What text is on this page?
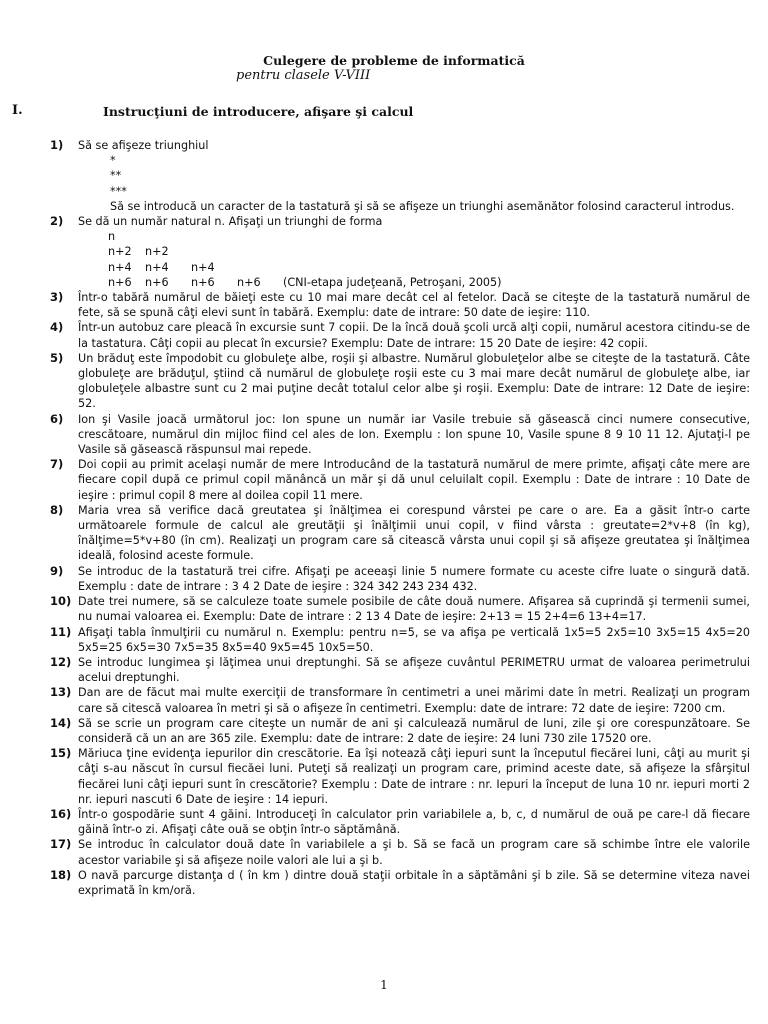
Culegere de probleme de informatică
pentru clasele V-VIII
I.	Instrucţiuni de introducere, afişare şi calcul
1)	Să se afişeze triunghiul
*
**
***
Să se introducă un caracter de la tastatură şi să se afişeze un triunghi asemănător folosind caracterul introdus.
2)	Se dă un număr natural n. Afişaţi un triunghi de forma
n
n+2 n+2
n+4 n+4 n+4
n+6 n+6 n+6 n+6 (CNI-etapa judeţeană, Petroşani, 2005)
3)	Într-o tabără numărul de băieţi este cu 10 mai mare decât cel al fetelor. Dacă se citeşte de la tastatură numărul de fete, să se spună câţi elevi sunt în tabără. Exemplu: date de intrare: 50 date de ieşire: 110.
4)	Într-un autobuz care pleacă în excursie sunt 7 copii. De la încă două şcoli urcă alţi copii, numărul acestora citindu-se de la tastatura. Câţi copii au plecat în excursie? Exemplu: Date de intrare: 15 20 Date de ieşire: 42 copii.
5)	Un brăduţ este împodobit cu globuleţe albe, roşii şi albastre. Numărul globuleţelor albe se citeşte de la tastatură. Câte globuleţe are brăduţul, ştiind că numărul de globuleţe roşii este cu 3 mai mare decât numărul de globuleţe albe, iar globuleţele albastre sunt cu 2 mai puţine decât totalul celor albe şi roşii. Exemplu: Date de intrare: 12 Date de ieşire: 52.
6)	Ion şi Vasile joacă următorul joc: Ion spune un număr iar Vasile trebuie să găsească cinci numere consecutive, crescătoare, numărul din mijloc fiind cel ales de Ion. Exemplu : Ion spune 10, Vasile spune 8 9 10 11 12. Ajutaţi-l pe Vasile să găsească răspunsul mai repede.
7)	Doi copii au primit acelaşi număr de mere Introducând de la tastatură numărul de mere primte, afişaţi câte mere are fiecare copil după ce primul copil mănâncă un măr şi dă unul celuilalt copil. Exemplu : Date de intrare : 10 Date de ieşire : primul copil 8 mere al doilea copil 11 mere.
8)	Maria vrea să verifice dacă greutatea şi înălţimea ei corespund vârstei pe care o are. Ea a găsit într-o carte următoarele formule de calcul ale greutăţii şi înălţimii unui copil, v fiind vârsta : greutate=2*v+8 (în kg), înălţime=5*v+80 (în cm). Realizaţi un program care să citească vârsta unui copil şi să afişeze greutatea şi înălţimea ideală, folosind aceste formule.
9)	Se introduc de la tastatură trei cifre. Afişaţi pe aceeaşi linie 5 numere formate cu aceste cifre luate o singură dată. Exemplu : date de intrare : 3 4 2 Date de ieşire : 324 342 243 234 432.
10) Date trei numere, să se calculeze toate sumele posibile de câte două numere. Afişarea să cuprindă şi termenii sumei, nu numai valoarea ei. Exemplu: Date de intrare : 2 13 4 Date de ieşire: 2+13 = 15 2+4=6 13+4=17.
11) Afişaţi tabla înmulţirii cu numărul n. Exemplu: pentru n=5, se va afişa pe verticală 1x5=5 2x5=10 3x5=15 4x5=20 5x5=25 6x5=30 7x5=35 8x5=40 9x5=45 10x5=50.
12) Se introduc lungimea şi lăţimea unui dreptunghi. Să se afişeze cuvântul PERIMETRU urmat de valoarea perimetrului acelui dreptunghi.
13) Dan are de făcut mai multe exerciţii de transformare în centimetri a unei mărimi date în metri. Realizaţi un program care să citescă valoarea în metri şi să o afişeze în centimetri. Exemplu: date de intrare: 72 date de ieşire: 7200 cm.
14) Să se scrie un program care citeşte un număr de ani şi calculează numărul de luni, zile şi ore corespunzătoare. Se consideră că un an are 365 zile. Exemplu: date de intrare: 2 date de ieşire: 24 luni 730 zile 17520 ore.
15) Măriuca ţine evidenţa iepurilor din crescătorie. Ea îşi notează câţi iepuri sunt la începutul fiecărei luni, câţi au murit şi câţi s-au născut în cursul fiecăei luni. Puteţi să realizaţi un program care, primind aceste date, să afişeze la sfârşitul fiecărei luni câţi iepuri sunt în crescătorie? Exemplu : Date de intrare : nr. Iepuri la început de luna 10 nr. iepuri morti 2 nr. iepuri nascuti 6 Date de ieşire : 14 iepuri.
16) Într-o gospodărie sunt 4 găini. Introduceţi în calculator prin variabilele a, b, c, d numărul de ouă pe care-l dă fiecare găină într-o zi. Afişaţi câte ouă se obţin într-o săptămână.
17) Se introduc în calculator două date în variabilele a şi b. Să se facă un program care să schimbe între ele valorile acestor variabile şi să afişeze noile valori ale lui a şi b.
18) O navă parcurge distanţa d ( în km ) dintre două staţii orbitale în a săptămâni şi b zile. Să se determine viteza navei exprimată în km/oră.
1
